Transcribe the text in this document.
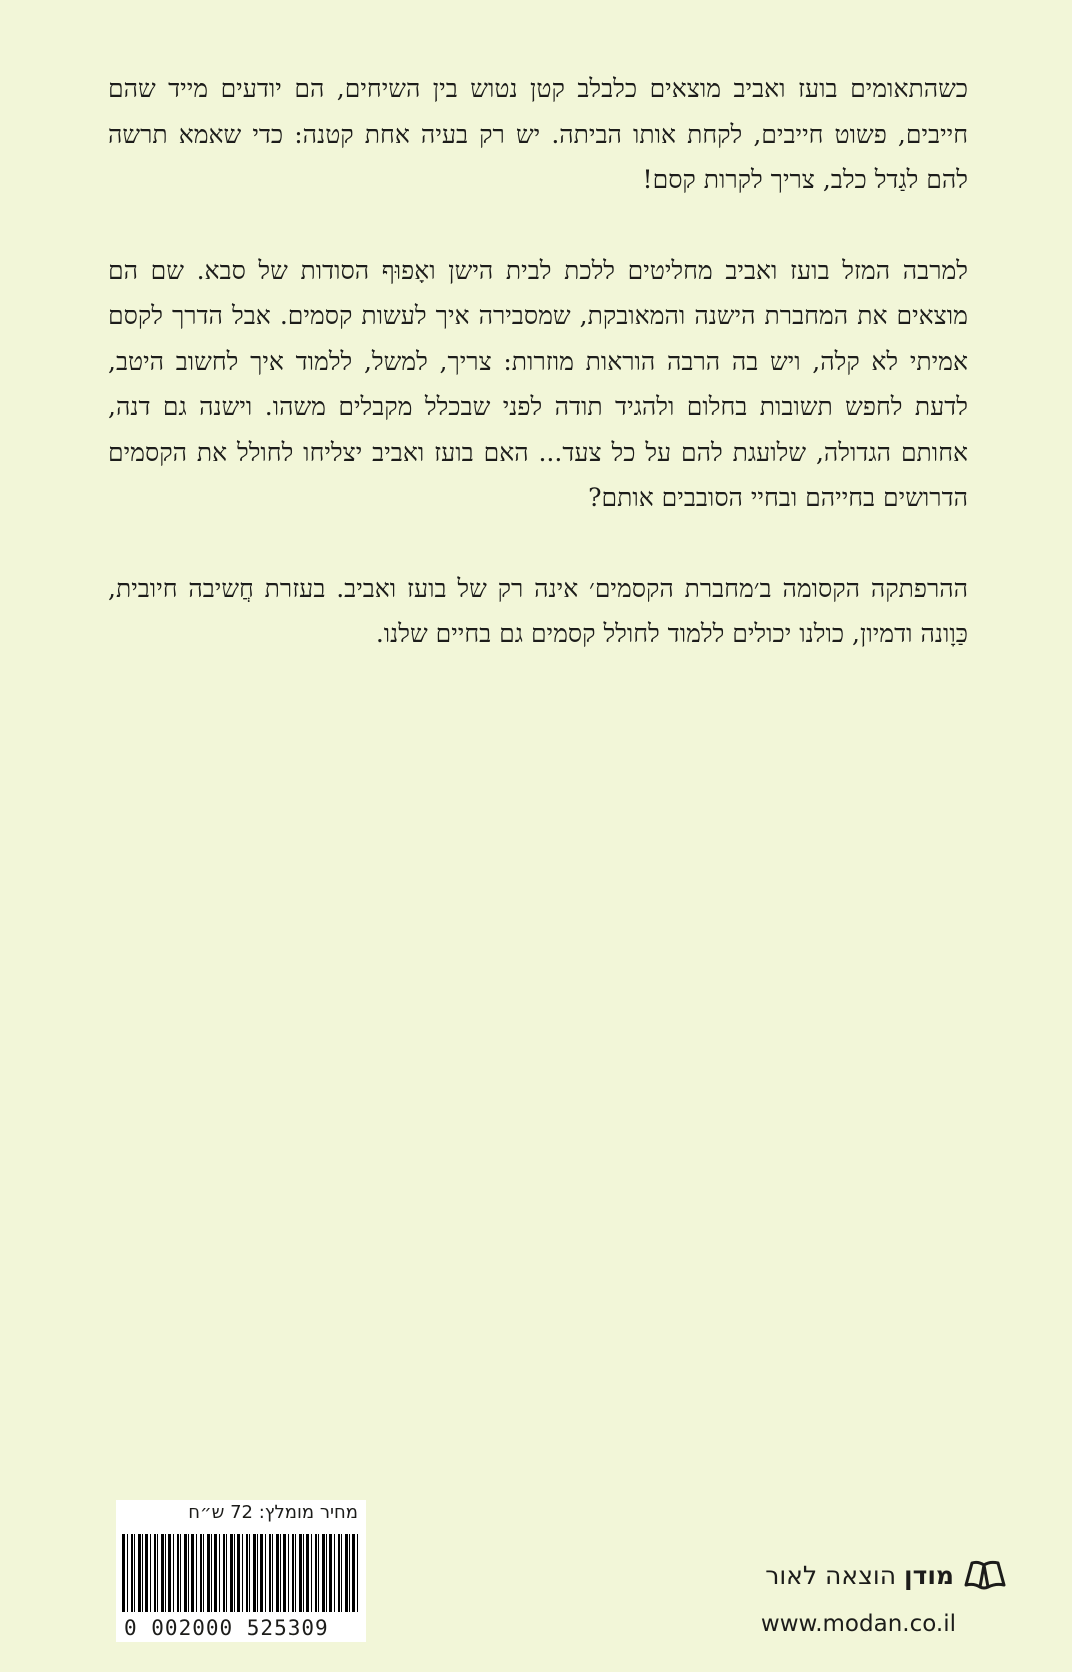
כשהתאומים בועז ואביב מוצאים כלבלב קטן נטוש בין השיחים, הם יודעים מייד שהם חייבים, פשוט חייבים, לקחת אותו הביתה. יש רק בעיה אחת קטנה: כדי שאמא תרשה להם לגַדל כלב, צריך לקרות קסם!

למרבה המזל בועז ואביב מחליטים ללכת לבית הישן ואָפוּף הסודות של סבא. שם הם מוצאים את המחברת הישנה והמאובקת, שמסבירה איך לעשות קסמים. אבל הדרך לקסם אמיתי לא קלה, ויש בה הרבה הוראות מוזרות: צריך, למשל, ללמוד איך לחשוב היטב, לדעת לחפש תשובות בחלום ולהגיד תודה לפני שבכלל מקבלים משהו. וישנה גם דנה, אחותם הגדולה, שלועגת להם על כל צעד... האם בועז ואביב יצליחו לחולל את הקסמים הדרושים בחייהם ובחיי הסובבים אותם?

ההרפתקה הקסומה ב׳מחברת הקסמים׳ אינה רק של בועז ואביב. בעזרת חֲשיבה חיובית, כַּוָונה ודמיון, כולנו יכולים ללמוד לחולל קסמים גם בחיים שלנו.

מחיר מומלץ: 72 ש״ח
0 002000 525309
מודן
הוצאה לאור
www.modan.co.il
